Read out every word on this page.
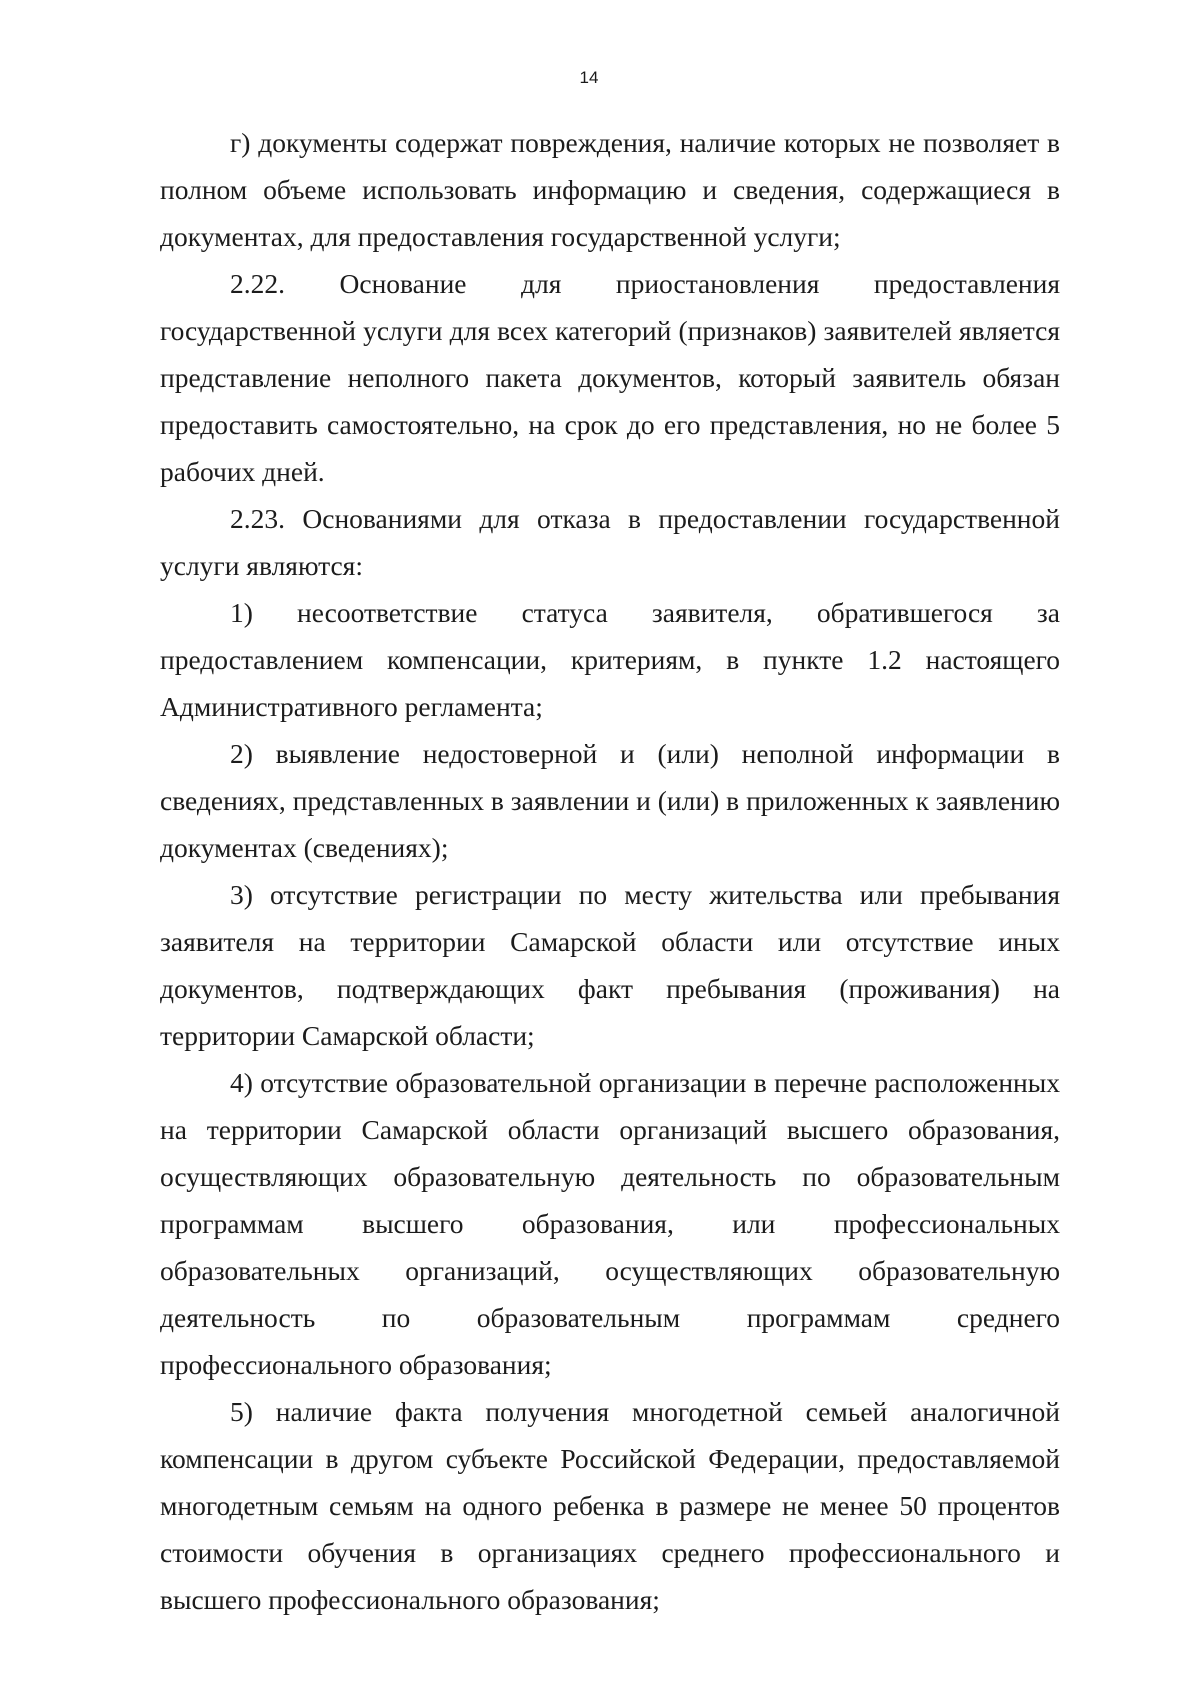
14

г) документы содержат повреждения, наличие которых не позволяет в полном объеме использовать информацию и сведения, содержащиеся в документах, для предоставления государственной услуги;

2.22. Основание для приостановления предоставления государственной услуги для всех категорий (признаков) заявителей является представление неполного пакета документов, который заявитель обязан предоставить самостоятельно, на срок до его представления, но не более 5 рабочих дней.

2.23. Основаниями для отказа в предоставлении государственной услуги являются:

1) несоответствие статуса заявителя, обратившегося за предоставлением компенсации, критериям, в пункте 1.2 настоящего Административного регламента;

2) выявление недостоверной и (или) неполной информации в сведениях, представленных в заявлении и (или) в приложенных к заявлению документах (сведениях);

3) отсутствие регистрации по месту жительства или пребывания заявителя на территории Самарской области или отсутствие иных документов, подтверждающих факт пребывания (проживания) на территории Самарской области;

4) отсутствие образовательной организации в перечне расположенных на территории Самарской области организаций высшего образования, осуществляющих образовательную деятельность по образовательным программам высшего образования, или профессиональных образовательных организаций, осуществляющих образовательную деятельность по образовательным программам среднего профессионального образования;

5) наличие факта получения многодетной семьей аналогичной компенсации в другом субъекте Российской Федерации, предоставляемой многодетным семьям на одного ребенка в размере не менее 50 процентов стоимости обучения в организациях среднего профессионального и высшего профессионального образования;
